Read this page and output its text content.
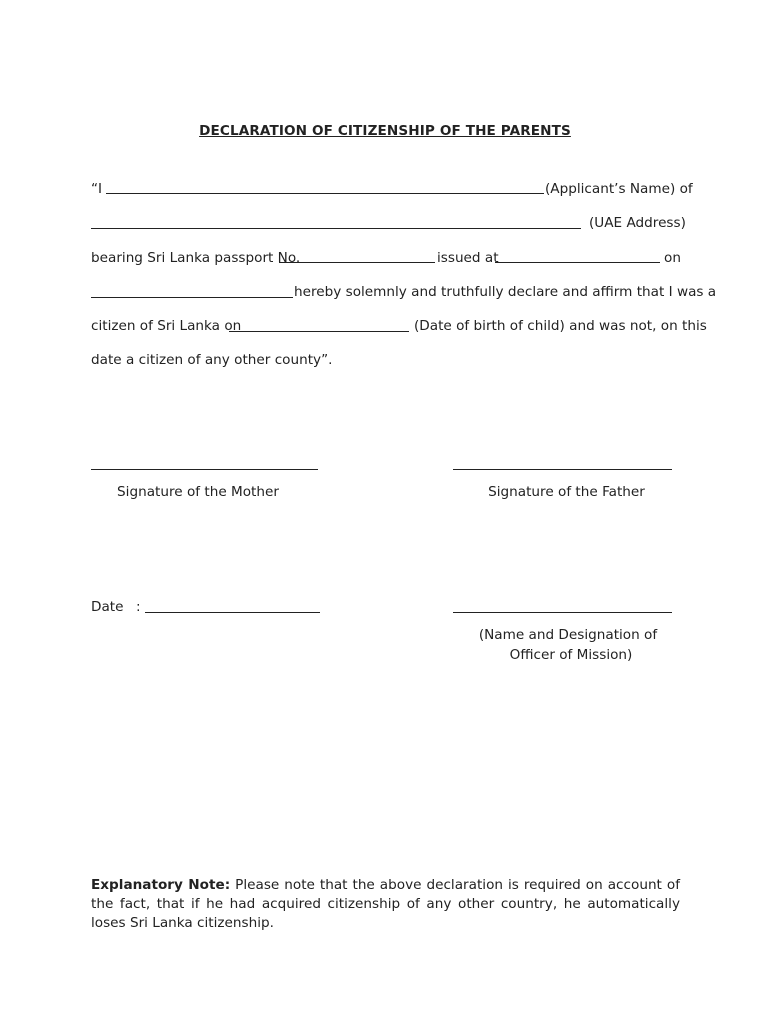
DECLARATION OF CITIZENSHIP OF THE PARENTS
“I	(Applicant’s Name) of
(UAE Address)
bearing Sri Lanka passport No.	issued at	on
hereby solemnly and truthfully declare and affirm that I was a
citizen of Sri Lanka on	(Date of birth of child) and was not, on this
date a citizen of any other county”.
Signature of the Mother	Signature of the Father
Date :
(Name and Designation of
Officer of Mission)
Explanatory Note: Please note that the above declaration is required on account of the fact, that if he had acquired citizenship of any other country, he automatically loses Sri Lanka citizenship.
